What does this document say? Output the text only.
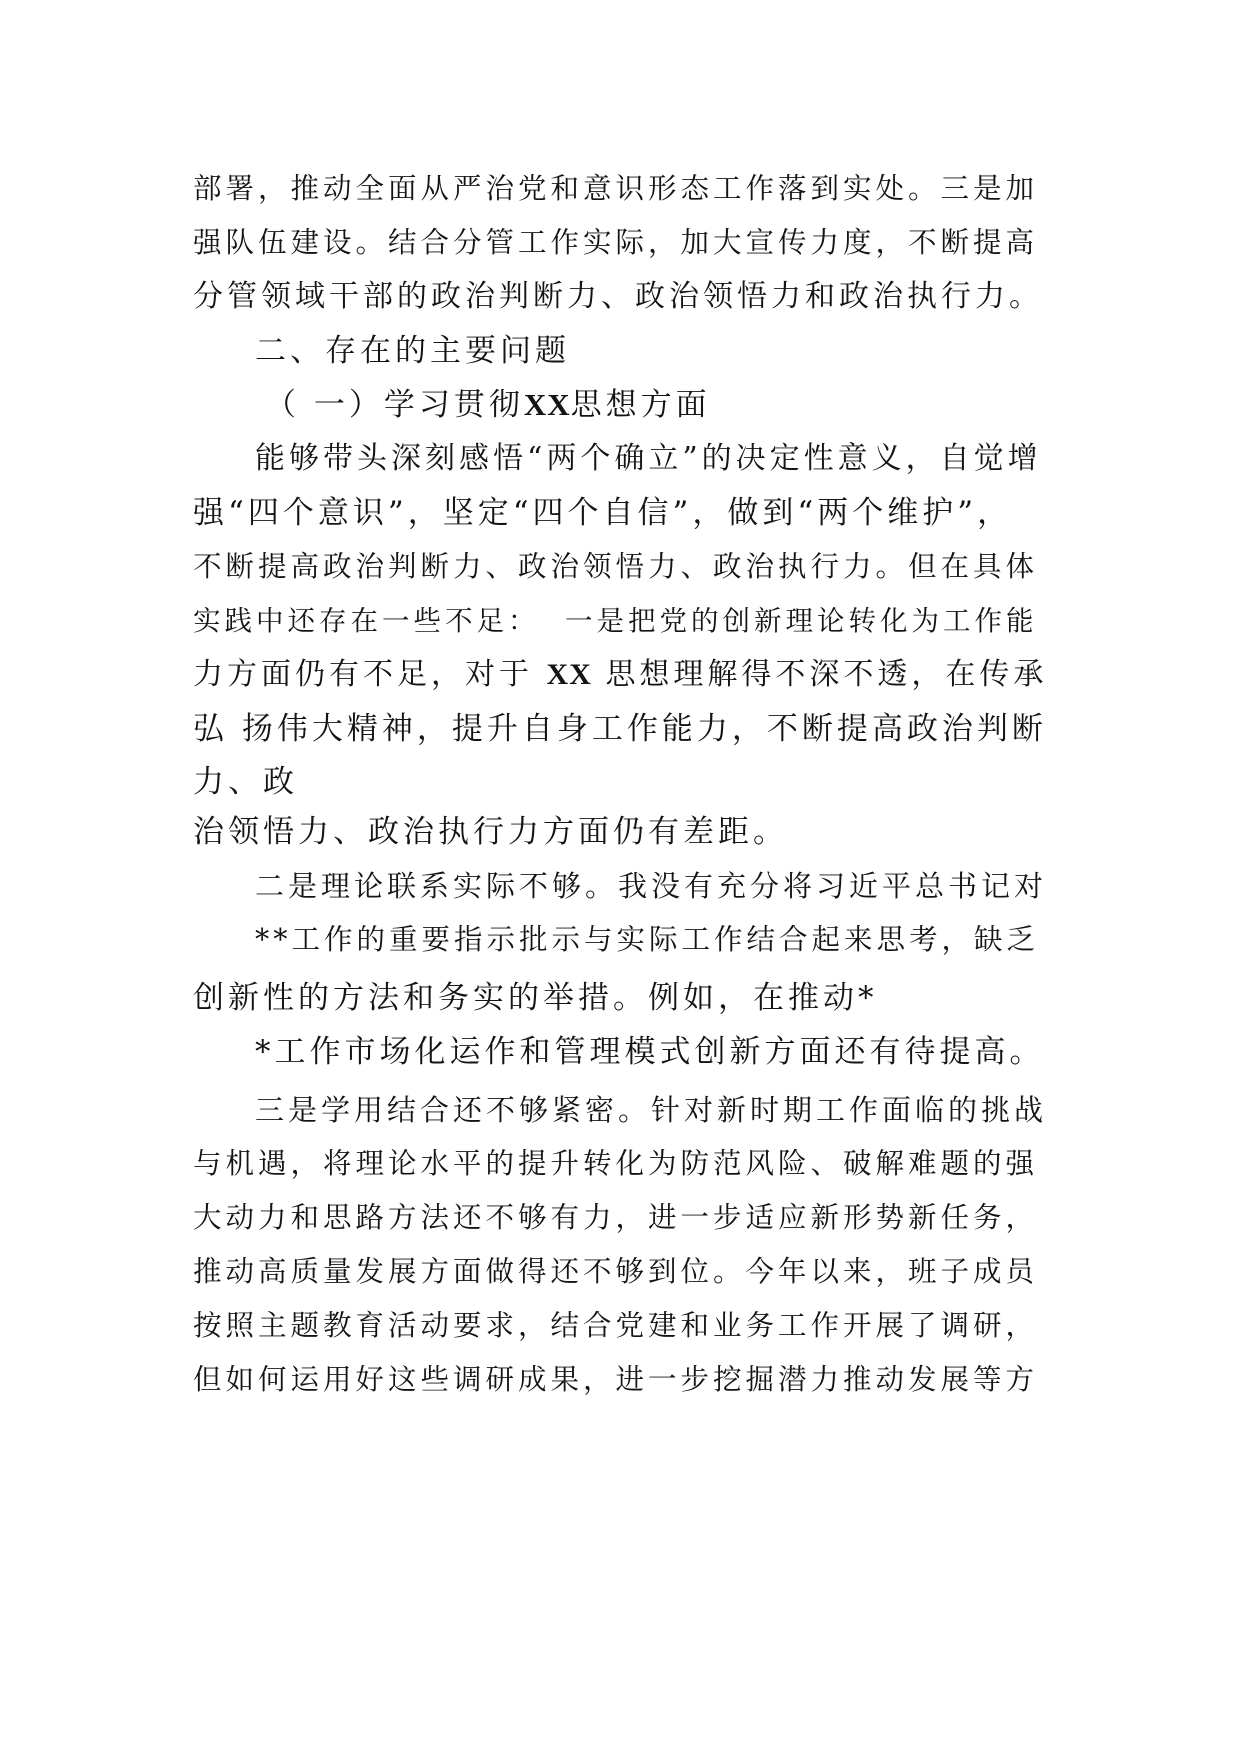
部署，推动全面从严治党和意识形态工作落到实处。三是加
强队伍建设。结合分管工作实际，加大宣传力度，不断提高
分管领域干部的政治判断力、政治领悟力和政治执行力。
二、存在的主要问题
（ 一）学习贯彻XX思想方面
能够带头深刻感悟“两个确立”的决定性意义，自觉增
强“四个意识”，坚定“四个自信”，做到“两个维护”，
不断提高政治判断力、政治领悟力、政治执行力。但在具体
实践中还存在一些不足：  一是把党的创新理论转化为工作能
力方面仍有不足，对于 XX 思想理解得不深不透，在传承
弘 扬伟大精神，提升自身工作能力，不断提高政治判断
力、政
治领悟力、政治执行力方面仍有差距。
二是理论联系实际不够。我没有充分将习近平总书记对
**工作的重要指示批示与实际工作结合起来思考，缺乏
创新性的方法和务实的举措。例如，在推动*
*工作市场化运作和管理模式创新方面还有待提高。
三是学用结合还不够紧密。针对新时期工作面临的挑战
与机遇，将理论水平的提升转化为防范风险、破解难题的强
大动力和思路方法还不够有力，进一步适应新形势新任务，
推动高质量发展方面做得还不够到位。今年以来，班子成员
按照主题教育活动要求，结合党建和业务工作开展了调研，
但如何运用好这些调研成果，进一步挖掘潜力推动发展等方
